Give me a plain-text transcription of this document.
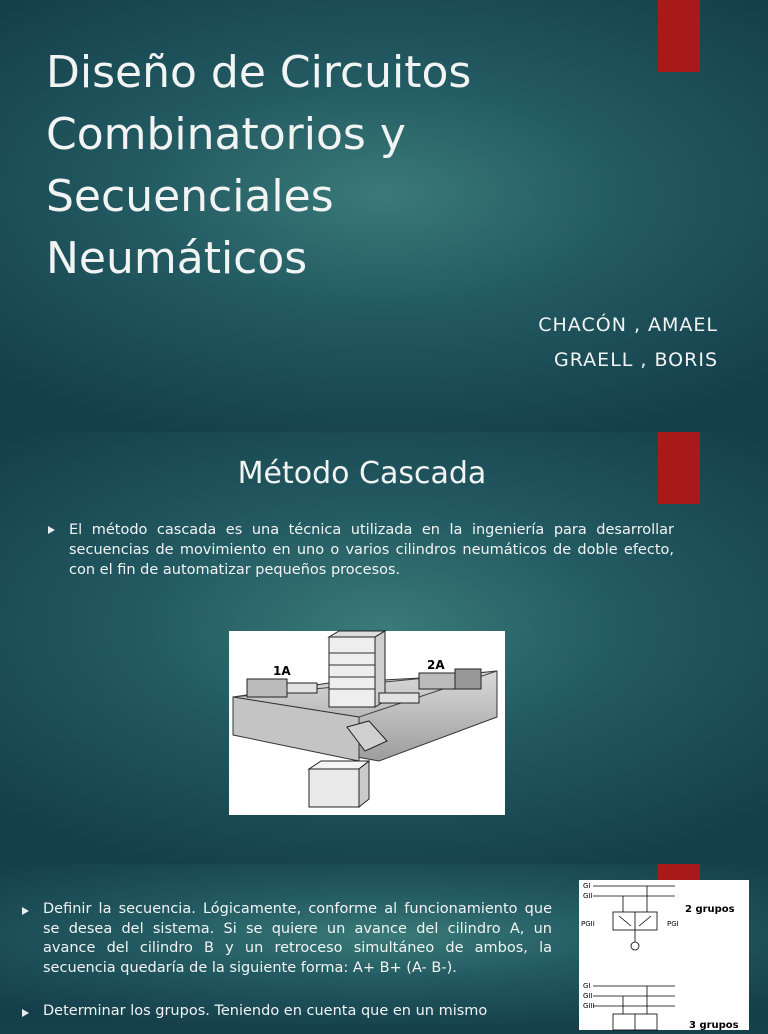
Diseño de Circuitos
Combinatorios y
Secuenciales
Neumáticos
CHACÓN , AMAEL
GRAELL , BORIS
Método Cascada
El método cascada es una técnica utilizada en la ingeniería para desarrollar secuencias de movimiento en uno o varios cilindros neumáticos de doble efecto, con el fin de automatizar pequeños procesos.
1A	2A
Definir la secuencia. Lógicamente, conforme al funcionamiento que se desea del sistema. Si se quiere un avance del cilindro A, un avance del cilindro B y un retroceso simultáneo de ambos, la secuencia quedaría de la siguiente forma: A+ B+ (A- B-).
Determinar los grupos. Teniendo en cuenta que en un mismo
GI
GII
PGII	PGI
GI
GII
GIII
2 grupos
3 grupos
